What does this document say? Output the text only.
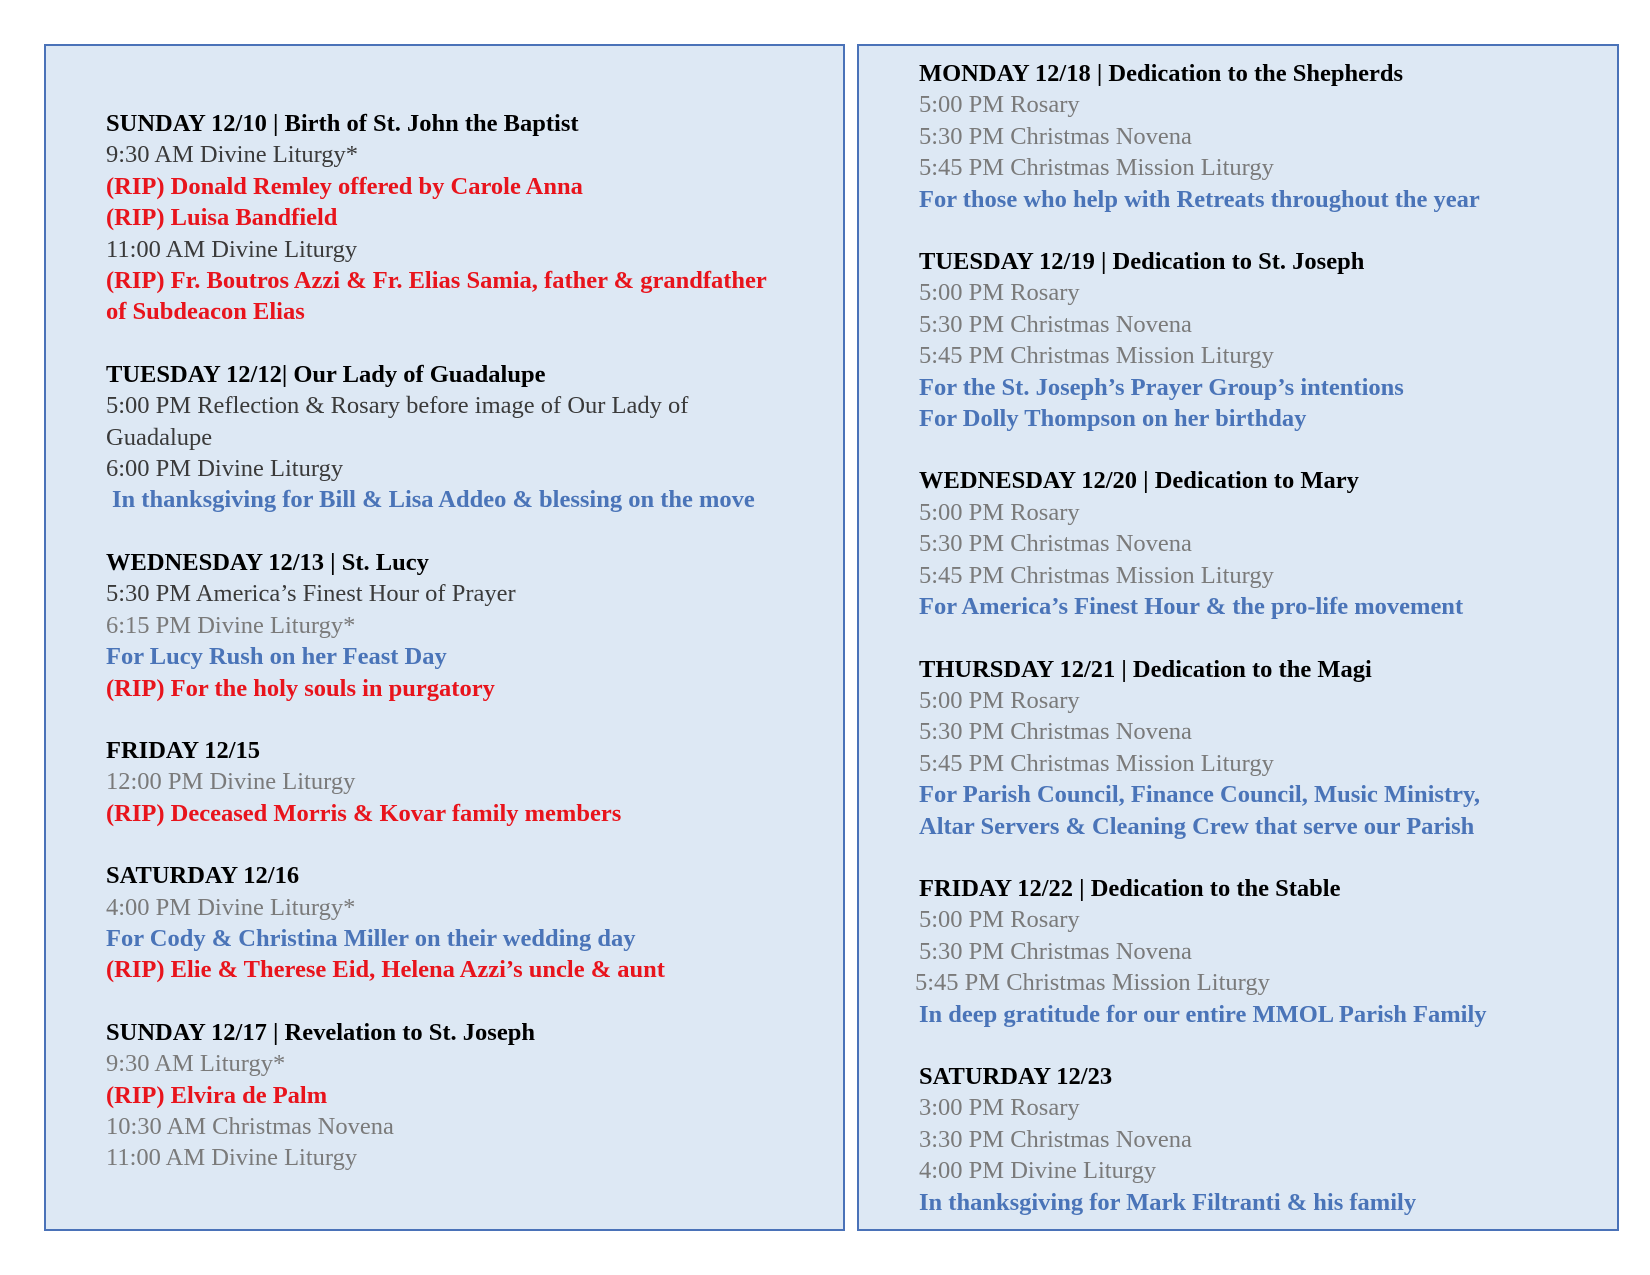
SUNDAY 12/10 | Birth of St. John the Baptist
9:30 AM Divine Liturgy*
(RIP) Donald Remley offered by Carole Anna
(RIP) Luisa Bandfield
11:00 AM Divine Liturgy
(RIP) Fr. Boutros Azzi & Fr. Elias Samia, father & grandfather of Subdeacon Elias
TUESDAY 12/12| Our Lady of Guadalupe
5:00 PM Reflection & Rosary before image of Our Lady of Guadalupe
6:00 PM Divine Liturgy
In thanksgiving for Bill & Lisa Addeo & blessing on the move
WEDNESDAY 12/13 | St. Lucy
5:30 PM America’s Finest Hour of Prayer
6:15 PM Divine Liturgy*
For Lucy Rush on her Feast Day
(RIP) For the holy souls in purgatory
FRIDAY 12/15
12:00 PM Divine Liturgy
(RIP) Deceased Morris & Kovar family members
SATURDAY 12/16
4:00 PM Divine Liturgy*
For Cody & Christina Miller on their wedding day
(RIP) Elie & Therese Eid, Helena Azzi’s uncle & aunt
SUNDAY 12/17 | Revelation to St. Joseph
9:30 AM Liturgy*
(RIP) Elvira de Palm
10:30 AM Christmas Novena
11:00 AM Divine Liturgy
MONDAY 12/18 | Dedication to the Shepherds
5:00 PM Rosary
5:30 PM Christmas Novena
5:45 PM Christmas Mission Liturgy
For those who help with Retreats throughout the year
TUESDAY 12/19 | Dedication to St. Joseph
5:00 PM Rosary
5:30 PM Christmas Novena
5:45 PM Christmas Mission Liturgy
For the St. Joseph’s Prayer Group’s intentions
For Dolly Thompson on her birthday
WEDNESDAY 12/20 | Dedication to Mary
5:00 PM Rosary
5:30 PM Christmas Novena
5:45 PM Christmas Mission Liturgy
For America’s Finest Hour & the pro-life movement
THURSDAY 12/21 | Dedication to the Magi
5:00 PM Rosary
5:30 PM Christmas Novena
5:45 PM Christmas Mission Liturgy
For Parish Council, Finance Council, Music Ministry,
Altar Servers & Cleaning Crew that serve our Parish
FRIDAY 12/22 | Dedication to the Stable
5:00 PM Rosary
5:30 PM Christmas Novena
5:45 PM Christmas Mission Liturgy
In deep gratitude for our entire MMOL Parish Family
SATURDAY 12/23
3:00 PM Rosary
3:30 PM Christmas Novena
4:00 PM Divine Liturgy
In thanksgiving for Mark Filtranti & his family
